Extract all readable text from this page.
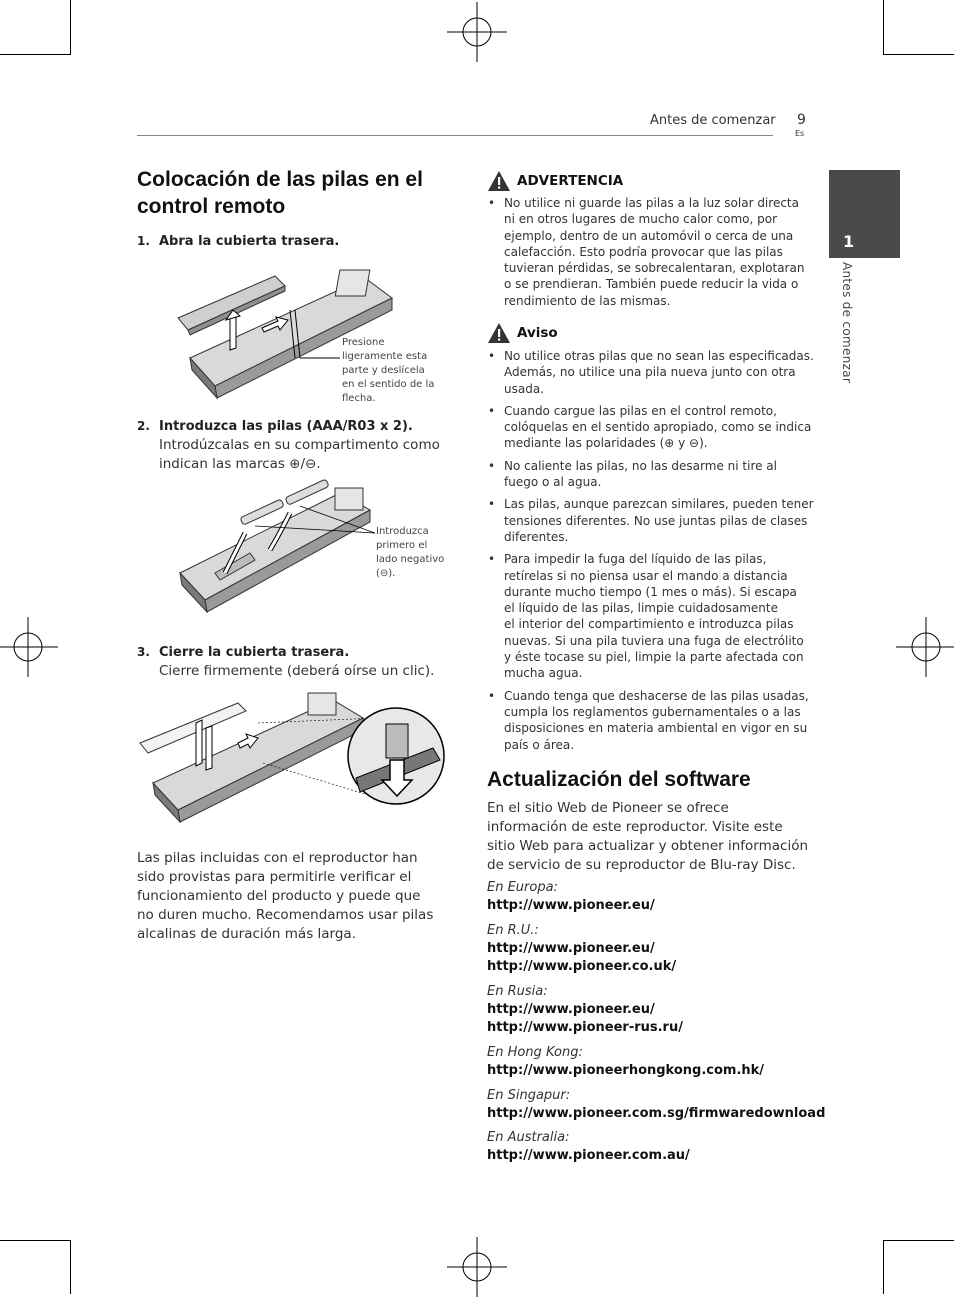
Antes de comenzar 9
Es
1
Antes de comenzar
Colocación de las pilas en el
control remoto
1. Abra la cubierta trasera.
Presione
ligeramente esta
parte y deslícela
en el sentido de la
flecha.
2. Introduzca las pilas (AAA/R03 x 2).
Introdúzcalas en su compartimento como
indican las marcas ⊕/⊖.
Introduzca
primero el
lado negativo
(⊖).
3. Cierre la cubierta trasera.
Cierre firmemente (deberá oírse un clic).
Las pilas incluidas con el reproductor han
sido provistas para permitirle verificar el
funcionamiento del producto y puede que
no duren mucho. Recomendamos usar pilas
alcalinas de duración más larga.
ADVERTENCIA
• No utilice ni guarde las pilas a la luz solar directa
ni en otros lugares de mucho calor como, por
ejemplo, dentro de un automóvil o cerca de una
calefacción. Esto podría provocar que las pilas
tuvieran pérdidas, se sobrecalentaran, explotaran
o se prendieran. También puede reducir la vida o
rendimiento de las mismas.
Aviso
• No utilice otras pilas que no sean las especificadas.
Además, no utilice una pila nueva junto con otra
usada.
• Cuando cargue las pilas en el control remoto,
colóquelas en el sentido apropiado, como se indica
mediante las polaridades (⊕ y ⊖).
• No caliente las pilas, no las desarme ni tire al
fuego o al agua.
• Las pilas, aunque parezcan similares, pueden tener
tensiones diferentes. No use juntas pilas de clases
diferentes.
• Para impedir la fuga del líquido de las pilas,
retírelas si no piensa usar el mando a distancia
durante mucho tiempo (1 mes o más). Si escapa
el líquido de las pilas, limpie cuidadosamente
el interior del compartimiento e introduzca pilas
nuevas. Si una pila tuviera una fuga de electrólito
y éste tocase su piel, limpie la parte afectada con
mucha agua.
• Cuando tenga que deshacerse de las pilas usadas,
cumpla los reglamentos gubernamentales o a las
disposiciones en materia ambiental en vigor en su
país o área.
Actualización del software
En el sitio Web de Pioneer se ofrece
información de este reproductor. Visite este
sitio Web para actualizar y obtener información
de servicio de su reproductor de Blu-ray Disc.
En Europa:
http://www.pioneer.eu/
En R.U.:
http://www.pioneer.eu/
http://www.pioneer.co.uk/
En Rusia:
http://www.pioneer.eu/
http://www.pioneer-rus.ru/
En Hong Kong:
http://www.pioneerhongkong.com.hk/
En Singapur:
http://www.pioneer.com.sg/firmwaredownload
En Australia:
http://www.pioneer.com.au/
